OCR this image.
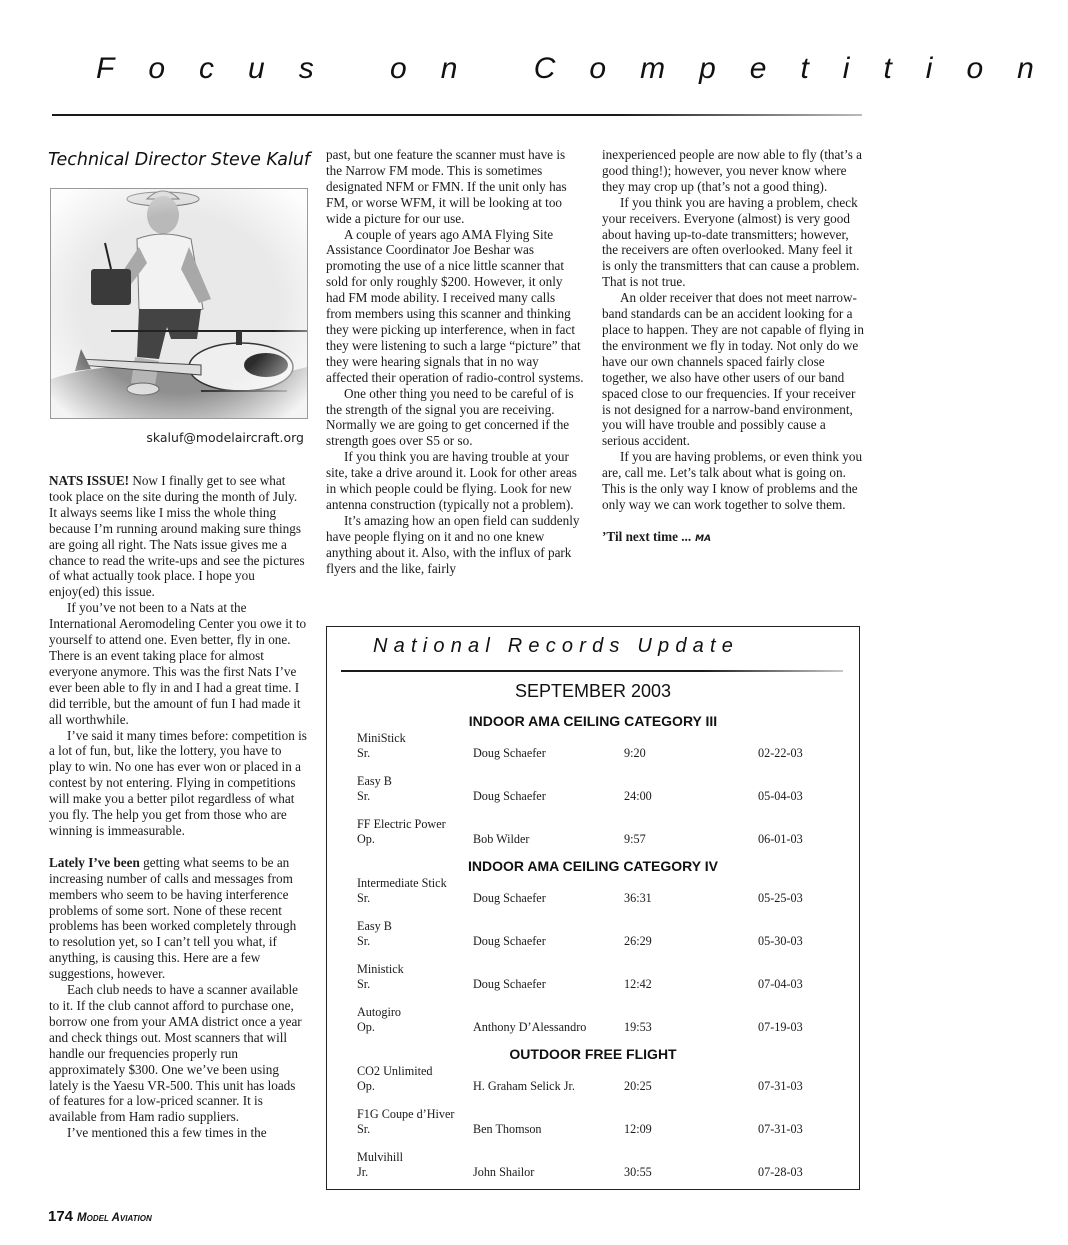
Focus on Competition
Technical Director Steve Kaluf
skaluf@modelaircraft.org

NATS ISSUE! Now I finally get to see what took place on the site during the month of July. It always seems like I miss the whole thing because I’m running around making sure things are going all right. The Nats issue gives me a chance to read the write-ups and see the pictures of what actually took place. I hope you enjoy(ed) this issue.

If you’ve not been to a Nats at the International Aeromodeling Center you owe it to yourself to attend one. Even better, fly in one. There is an event taking place for almost everyone anymore. This was the first Nats I’ve ever been able to fly in and I had a great time. I did terrible, but the amount of fun I had made it all worthwhile.

I’ve said it many times before: competition is a lot of fun, but, like the lottery, you have to play to win. No one has ever won or placed in a contest by not entering. Flying in competitions will make you a better pilot regardless of what you fly. The help you get from those who are winning is immeasurable.

Lately I’ve been getting what seems to be an increasing number of calls and messages from members who seem to be having interference problems of some sort. None of these recent problems has been worked completely through to resolution yet, so I can’t tell you what, if anything, is causing this. Here are a few suggestions, however.

Each club needs to have a scanner available to it. If the club cannot afford to purchase one, borrow one from your AMA district once a year and check things out. Most scanners that will handle our frequencies properly run approximately $300. One we’ve been using lately is the Yaesu VR-500. This unit has loads of features for a low-priced scanner. It is available from Ham radio suppliers.

I’ve mentioned this a few times in the

past, but one feature the scanner must have is the Narrow FM mode. This is sometimes designated NFM or FMN. If the unit only has FM, or worse WFM, it will be looking at too wide a picture for our use.

A couple of years ago AMA Flying Site Assistance Coordinator Joe Beshar was promoting the use of a nice little scanner that sold for only roughly $200. However, it only had FM mode ability. I received many calls from members using this scanner and thinking they were picking up interference, when in fact they were listening to such a large “picture” that they were hearing signals that in no way affected their operation of radio-control systems.

One other thing you need to be careful of is the strength of the signal you are receiving. Normally we are going to get concerned if the strength goes over S5 or so.

If you think you are having trouble at your site, take a drive around it. Look for other areas in which people could be flying. Look for new antenna construction (typically not a problem).

It’s amazing how an open field can suddenly have people flying on it and no one knew anything about it. Also, with the influx of park flyers and the like, fairly

inexperienced people are now able to fly (that’s a good thing!); however, you never know where they may crop up (that’s not a good thing).

If you think you are having a problem, check your receivers. Everyone (almost) is very good about having up-to-date transmitters; however, the receivers are often overlooked. Many feel it is only the transmitters that can cause a problem. That is not true.

An older receiver that does not meet narrow-band standards can be an accident looking for a place to happen. They are not capable of flying in the environment we fly in today. Not only do we have our own channels spaced fairly close together, we also have other users of our band spaced close to our frequencies. If your receiver is not designed for a narrow-band environment, you will have trouble and possibly cause a serious accident.

If you are having problems, or even think you are, call me. Let’s talk about what is going on. This is the only way I know of problems and the only way we can work together to solve them.

’Til next time ... MA

National Records Update
SEPTEMBER 2003
INDOOR AMA CEILING CATEGORY III
MiniStick
Sr.	Doug Schaefer	9:20	02-22-03
Easy B
Sr.	Doug Schaefer	24:00	05-04-03
FF Electric Power
Op.	Bob Wilder	9:57	06-01-03
INDOOR AMA CEILING CATEGORY IV
Intermediate Stick
Sr.	Doug Schaefer	36:31	05-25-03
Easy B
Sr.	Doug Schaefer	26:29	05-30-03
Ministick
Sr.	Doug Schaefer	12:42	07-04-03
Autogiro
Op.	Anthony D’Alessandro	19:53	07-19-03
OUTDOOR FREE FLIGHT
CO2 Unlimited
Op.	H. Graham Selick Jr.	20:25	07-31-03
F1G Coupe d’Hiver
Sr.	Ben Thomson	12:09	07-31-03
Mulvihill
Jr.	John Shailor	30:55	07-28-03
174 Model Aviation
